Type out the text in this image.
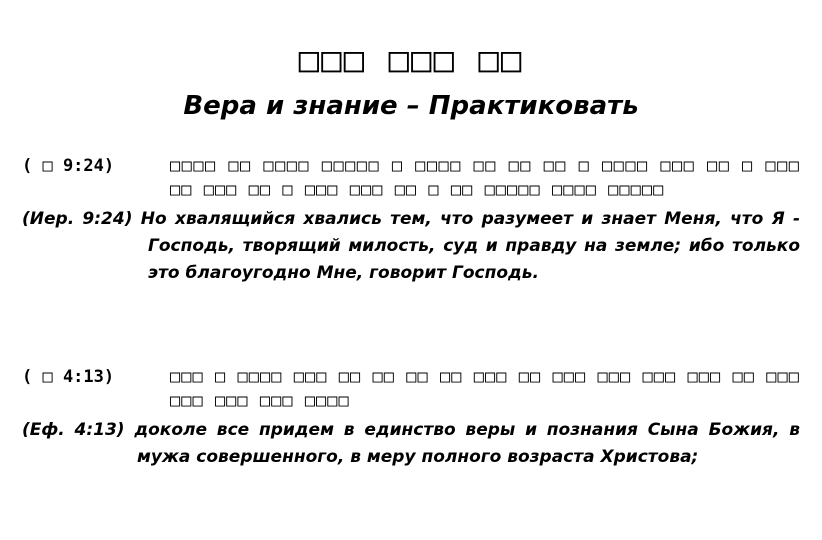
□□□ □□□ □□
Вера и знание – Практиковать
( □ 9:24)	□□□□ □□ □□□□ □□□□□ □ □□□□ □□ □□ □□ □ □□□□ □□□ □□ □ □□□ □□ □□□ □□ □ □□□ □□□ □□ □ □□ □□□□□ □□□□ □□□□□
(Иер. 9:24) Но хвалящийся хвались тем, что разумеет и знает Меня, что Я - Господь, творящий милость, суд и правду на земле; ибо только это благоугодно Мне, говорит Господь.
( □ 4:13)	□□□ □ □□□□ □□□ □□ □□ □□ □□ □□□ □□ □□□ □□□ □□□ □□□ □□ □□□ □□□ □□□ □□□ □□□□
(Еф. 4:13) доколе все придем в единство веры и познания Сына Божия, в мужа совершенного, в меру полного возраста Христова;
